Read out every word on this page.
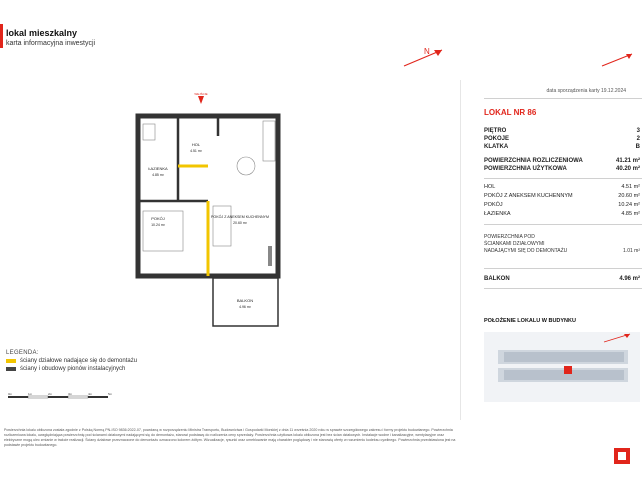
lokal mieszkalny
karta informacyjna inwestycji
N
WEJŚCIE
HOL
4.51 m²
ŁAZIENKA
4.85 m²
POKÓJ
10.24 m²
POKÓJ Z ANEKSEM KUCHENNYM
20.60 m²
BALKON
4.96 m²
LEGENDA:
ściany działowe nadające się do demontażu
ściany i obudowy pionów instalacyjnych
0m	1m	2m	3m	4m	5m
Powierzchnia lokalu obliczona została zgodnie z Polską Normą PN-ISO 9836:2022-07, powołaną w rozporządzeniu Ministra Transportu, Budownictwa i Gospodarki Morskiej z dnia 11 września 2020 roku w sprawie szczegółowego zakresu i formy projektu budowlanego. Powierzchnia rozliczeniowa lokalu, uwzględniająca powierzchnię pod ścianami działowymi nadającymi się do demontażu, stanowi podstawę do rozliczenia ceny sprzedaży. Powierzchnia użytkowa lokalu obliczona jest bez ścian działowych. Instalacje wodne i kanalizacyjne, wentylacyjne oraz elektryczne mogą ulec zmianie w trakcie realizacji. Ściany działowe przeznaczone do demontażu oznaczono kolorem żółtym. Wizualizacje, rysunki oraz umeblowanie mają charakter poglądowy i nie stanowią oferty w rozumieniu kodeksu cywilnego. Powierzchnia przedstawiona jest na podstawie projektu budowlanego.
data sporządzenia karty 19.12.2024
LOKAL NR 86
PIĘTRO	3
POKOJE	2
KLATKA	B
POWIERZCHNIA ROZLICZENIOWA	41.21 m²
POWIERZCHNIA UŻYTKOWA	40.20 m²
HOL	4.51 m²
POKÓJ Z ANEKSEM KUCHENNYM	20.60 m²
POKÓJ	10.24 m²
ŁAZIENKA	4.85 m²
POWIERZCHNIA POD
ŚCIANKAMI DZIAŁOWYMI
NADAJĄCYMI SIĘ DO DEMONTAŻU	1.01 m²
BALKON	4.96 m²
POŁOŻENIE LOKALU W BUDYNKU
